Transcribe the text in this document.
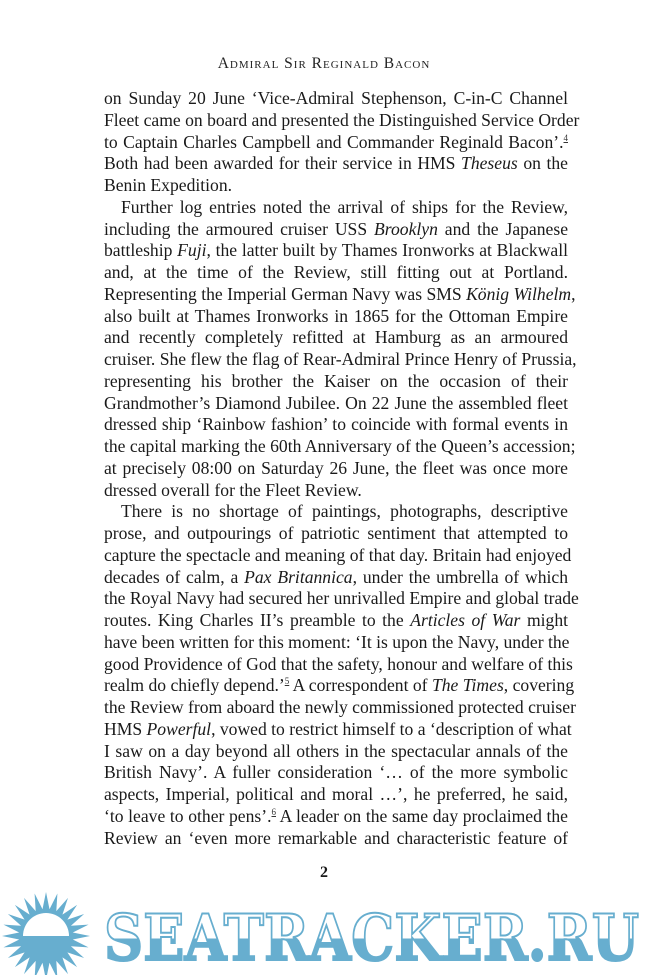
Admiral Sir Reginald Bacon
on Sunday 20 June ‘Vice-Admiral Stephenson, C-in-C Channel
Fleet came on board and presented the Distinguished Service Order
to Captain Charles Campbell and Commander Reginald Bacon’.$^4$
Both had been awarded for their service in HMS Theseus on the
Benin Expedition.
Further log entries noted the arrival of ships for the Review,
including the armoured cruiser USS Brooklyn and the Japanese
battleship Fuji, the latter built by Thames Ironworks at Blackwall
and, at the time of the Review, still fitting out at Portland.
Representing the Imperial German Navy was SMS König Wilhelm,
also built at Thames Ironworks in 1865 for the Ottoman Empire
and recently completely refitted at Hamburg as an armoured
cruiser. She flew the flag of Rear-Admiral Prince Henry of Prussia,
representing his brother the Kaiser on the occasion of their
Grandmother’s Diamond Jubilee. On 22 June the assembled fleet
dressed ship ‘Rainbow fashion’ to coincide with formal events in
the capital marking the 60th Anniversary of the Queen’s accession;
at precisely 08:00 on Saturday 26 June, the fleet was once more
dressed overall for the Fleet Review.
There is no shortage of paintings, photographs, descriptive
prose, and outpourings of patriotic sentiment that attempted to
capture the spectacle and meaning of that day. Britain had enjoyed
decades of calm, a Pax Britannica, under the umbrella of which
the Royal Navy had secured her unrivalled Empire and global trade
routes. King Charles II’s preamble to the Articles of War might
have been written for this moment: ‘It is upon the Navy, under the
good Providence of God that the safety, honour and welfare of this
realm do chiefly depend.’$^5$ A correspondent of The Times, covering
the Review from aboard the newly commissioned protected cruiser
HMS Powerful, vowed to restrict himself to a ‘description of what
I saw on a day beyond all others in the spectacular annals of the
British Navy’. A fuller consideration ‘… of the more symbolic
aspects, Imperial, political and moral …’, he preferred, he said,
‘to leave to other pens’.$^6$ A leader on the same day proclaimed the
Review an ‘even more remarkable and characteristic feature of
2
SEATRACKER.RU
